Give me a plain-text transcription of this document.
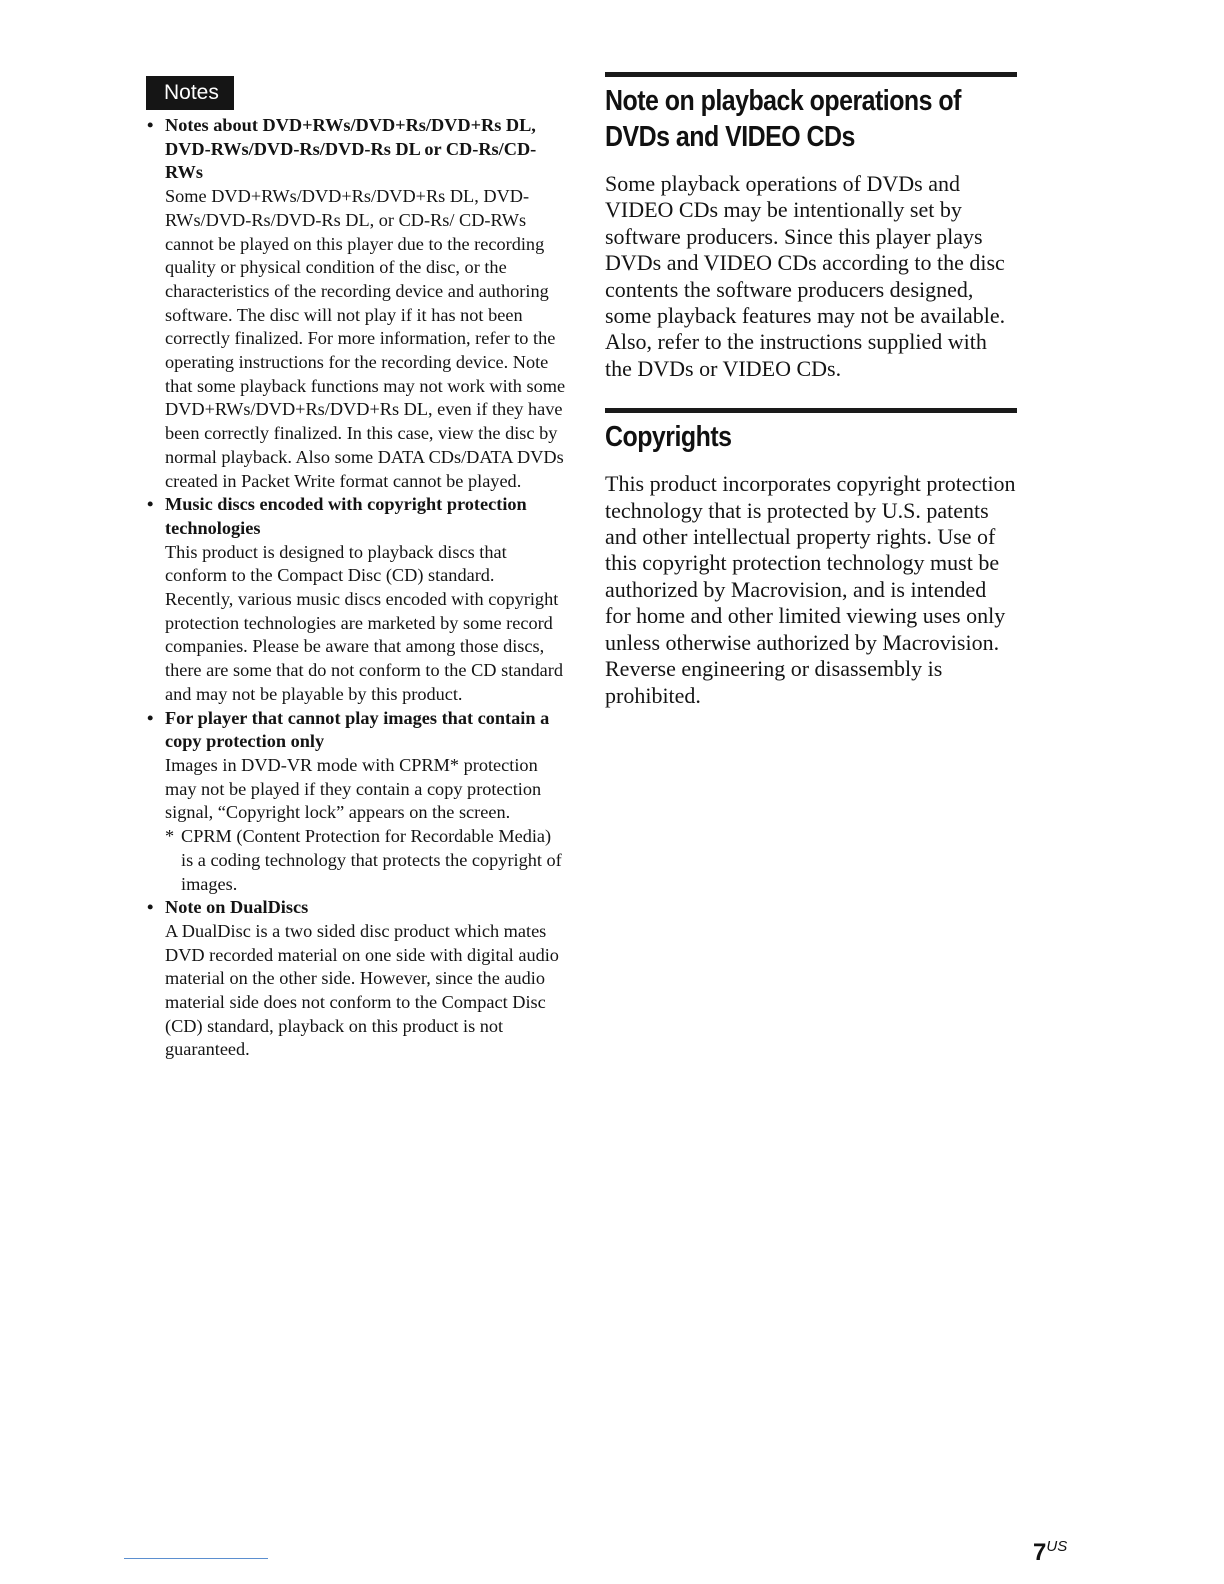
Notes
• Notes about DVD+RWs/DVD+Rs/DVD+Rs DL, DVD-RWs/DVD-Rs/DVD-Rs DL or CD-Rs/CD-RWs
Some DVD+RWs/DVD+Rs/DVD+Rs DL, DVD-RWs/DVD-Rs/DVD-Rs DL, or CD-Rs/ CD-RWs cannot be played on this player due to the recording quality or physical condition of the disc, or the characteristics of the recording device and authoring software. The disc will not play if it has not been correctly finalized. For more information, refer to the operating instructions for the recording device. Note that some playback functions may not work with some DVD+RWs/DVD+Rs/DVD+Rs DL, even if they have been correctly finalized. In this case, view the disc by normal playback. Also some DATA CDs/DATA DVDs created in Packet Write format cannot be played.
• Music discs encoded with copyright protection technologies
This product is designed to playback discs that conform to the Compact Disc (CD) standard. Recently, various music discs encoded with copyright protection technologies are marketed by some record companies. Please be aware that among those discs, there are some that do not conform to the CD standard and may not be playable by this product.
• For player that cannot play images that contain a copy protection only
Images in DVD-VR mode with CPRM* protection may not be played if they contain a copy protection signal, “Copyright lock” appears on the screen.
* CPRM (Content Protection for Recordable Media) is a coding technology that protects the copyright of images.
• Note on DualDiscs
A DualDisc is a two sided disc product which mates DVD recorded material on one side with digital audio material on the other side. However, since the audio material side does not conform to the Compact Disc (CD) standard, playback on this product is not guaranteed.
Note on playback operations of
DVDs and VIDEO CDs
Some playback operations of DVDs and VIDEO CDs may be intentionally set by software producers. Since this player plays DVDs and VIDEO CDs according to the disc contents the software producers designed, some playback features may not be available. Also, refer to the instructions supplied with the DVDs or VIDEO CDs.
Copyrights
This product incorporates copyright protection technology that is protected by U.S. patents and other intellectual property rights. Use of this copyright protection technology must be authorized by Macrovision, and is intended for home and other limited viewing uses only unless otherwise authorized by Macrovision. Reverse engineering or disassembly is prohibited.
$7^{US}$
